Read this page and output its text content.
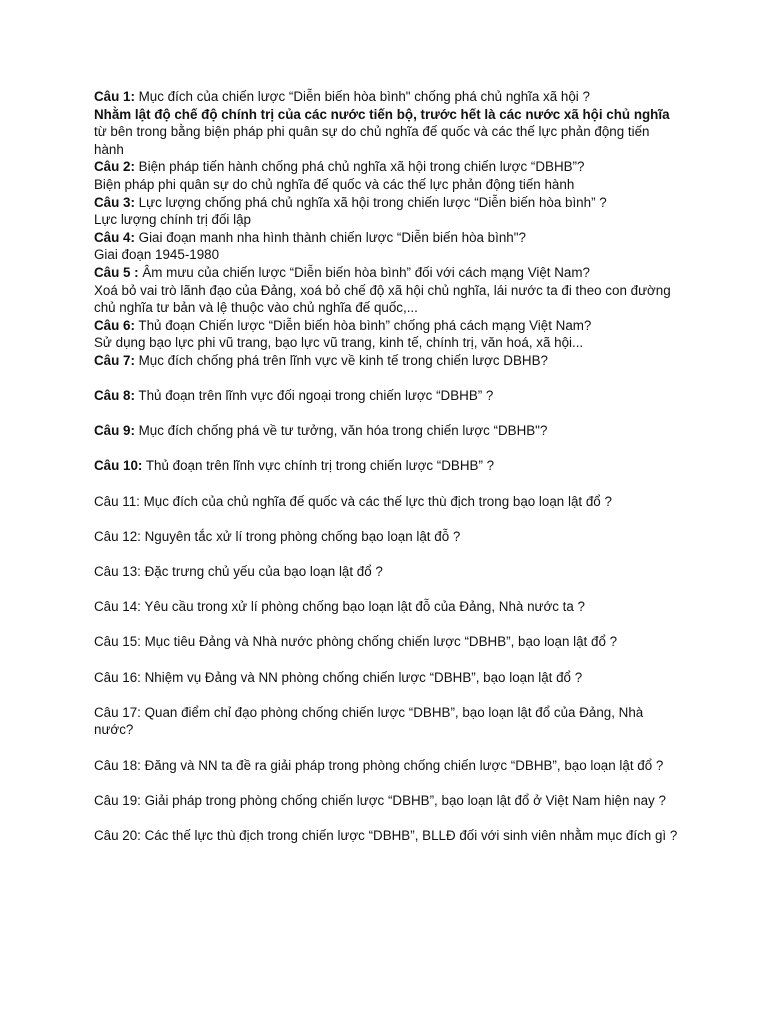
Câu 1: Mục đích của chiến lược “Diễn biến hòa bình" chống phá chủ nghĩa xã hội ?
Nhằm lật độ chế độ chính trị của các nước tiến bộ, trước hết là các nước xã hội chủ nghĩa
từ bên trong bằng biện pháp phi quân sự do chủ nghĩa đế quốc và các thế lực phản động tiến hành
Câu 2: Biện pháp tiến hành chống phá chủ nghĩa xã hội trong chiến lược “DBHB”?
Biện pháp phi quân sự do chủ nghĩa đế quốc và các thế lực phản động tiến hành
Câu 3: Lực lượng chống phá chủ nghĩa xã hội trong chiến lược “Diễn biến hòa bình” ?
Lực lượng chính trị đối lập
Câu 4: Giai đoạn manh nha hình thành chiến lược “Diễn biến hòa bình"?
Giai đoạn 1945-1980
Câu 5 : Âm mưu của chiến lược “Diễn biến hòa bình” đối với cách mạng Việt Nam?
Xoá bỏ vai trò lãnh đạo của Đảng, xoá bỏ chế độ xã hội chủ nghĩa, lái nước ta đi theo con đường chủ nghĩa tư bản và lệ thuộc vào chủ nghĩa đế quốc,...
Câu 6: Thủ đoạn Chiến lược “Diễn biến hòa bình” chống phá cách mạng Việt Nam?
Sử dụng bạo lực phi vũ trang, bạo lực vũ trang, kinh tế, chính trị, văn hoá, xã hội...
Câu 7: Mục đích chống phá trên lĩnh vực về kinh tế trong chiến lược DBHB?
Câu 8: Thủ đoạn trên lĩnh vực đối ngoại trong chiến lược “DBHB” ?
Câu 9: Mục đích chống phá về tư tưởng, văn hóa trong chiến lược “DBHB"?
Câu 10: Thủ đoạn trên lĩnh vực chính trị trong chiến lược “DBHB” ?
Câu 11: Mục đích của chủ nghĩa đế quốc và các thế lực thù địch trong bạo loạn lật đổ ?
Câu 12: Nguyên tắc xử lí trong phòng chống bạo loạn lật đỗ ?
Câu 13: Đặc trưng chủ yếu của bạo loạn lật đổ ?
Câu 14: Yêu cầu trong xử lí phòng chống bạo loạn lật đỗ của Đảng, Nhà nước ta ?
Câu 15: Mục tiêu Đảng và Nhà nước phòng chống chiến lược “DBHB”, bạo loạn lật đổ ?
Câu 16: Nhiệm vụ Đảng và NN phòng chống chiến lược “DBHB”, bạo loạn lật đổ ?
Câu 17: Quan điểm chỉ đạo phòng chống chiến lược “DBHB”, bạo loạn lật đổ của Đảng, Nhà nước?
Câu 18: Đăng và NN ta đề ra giải pháp trong phòng chống chiến lược “DBHB”, bạo loạn lật đổ ?
Câu 19: Giải pháp trong phòng chống chiến lược “DBHB”, bạo loạn lật đổ ở Việt Nam hiện nay ?
Câu 20: Các thế lực thù địch trong chiến lược “DBHB”, BLLĐ đối với sinh viên nhằm mục đích gì ?
